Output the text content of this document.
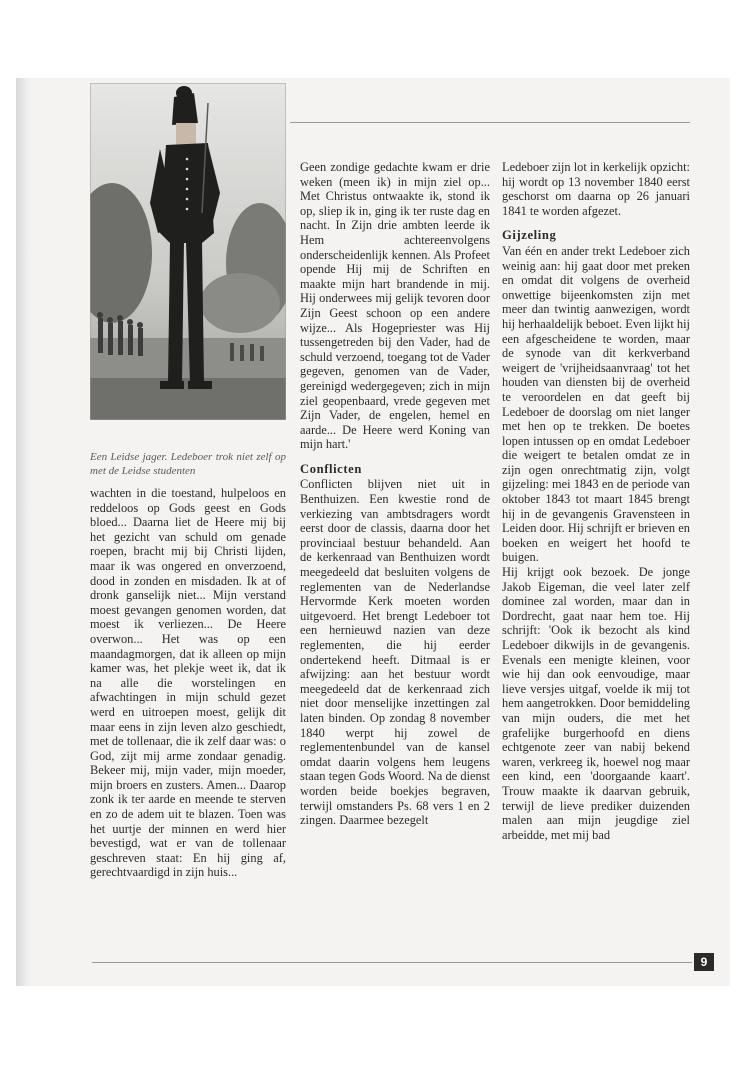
Een Leidse jager. Ledeboer trok niet zelf op met de Leidse studenten

wachten in die toestand, hulpeloos en reddeloos op Gods geest en Gods bloed... Daarna liet de Heere mij bij het gezicht van schuld om genade roepen, bracht mij bij Christi lijden, maar ik was ongered en onverzoend, dood in zonden en misdaden. Ik at of dronk ganselijk niet... Mijn verstand moest gevangen genomen worden, dat moest ik verliezen... De Heere overwon... Het was op een maandagmorgen, dat ik alleen op mijn kamer was, het plekje weet ik, dat ik na alle die worstelingen en afwachtingen in mijn schuld gezet werd en uitroepen moest, gelijk dit maar eens in zijn leven alzo geschiedt, met de tollenaar, die ik zelf daar was: o God, zijt mij arme zondaar genadig. Bekeer mij, mijn vader, mijn moeder, mijn broers en zusters. Amen... Daarop zonk ik ter aarde en meende te sterven en zo de adem uit te blazen. Toen was het uurtje der minnen en werd hier bevestigd, wat er van de tollenaar geschreven staat: En hij ging af, gerechtvaardigd in zijn huis...

Geen zondige gedachte kwam er drie weken (meen ik) in mijn ziel op... Met Christus ontwaakte ik, stond ik op, sliep ik in, ging ik ter ruste dag en nacht. In Zijn drie ambten leerde ik Hem achtereenvolgens onderscheidenlijk kennen. Als Profeet opende Hij mij de Schriften en maakte mijn hart brandende in mij. Hij onderwees mij gelijk tevoren door Zijn Geest schoon op een andere wijze... Als Hogepriester was Hij tussengetreden bij den Vader, had de schuld verzoend, toegang tot de Vader gegeven, genomen van de Vader, gereinigd wedergegeven; zich in mijn ziel geopenbaard, vrede gegeven met Zijn Vader, de engelen, hemel en aarde... De Heere werd Koning van mijn hart.'

Conflicten

Conflicten blijven niet uit in Benthuizen. Een kwestie rond de verkiezing van ambtsdragers wordt eerst door de classis, daarna door het provinciaal bestuur behandeld. Aan de kerkenraad van Benthuizen wordt meegedeeld dat besluiten volgens de reglementen van de Nederlandse Hervormde Kerk moeten worden uitgevoerd. Het brengt Ledeboer tot een hernieuwd nazien van deze reglementen, die hij eerder ondertekend heeft. Ditmaal is er afwijzing: aan het bestuur wordt meegedeeld dat de kerkenraad zich niet door menselijke inzettingen zal laten binden. Op zondag 8 november 1840 werpt hij zowel de reglementenbundel van de kansel omdat daarin volgens hem leugens staan tegen Gods Woord. Na de dienst worden beide boekjes begraven, terwijl omstanders Ps. 68 vers 1 en 2 zingen. Daarmee bezegelt

Ledeboer zijn lot in kerkelijk opzicht: hij wordt op 13 november 1840 eerst geschorst om daarna op 26 januari 1841 te worden afgezet.

Gijzeling

Van één en ander trekt Ledeboer zich weinig aan: hij gaat door met preken en omdat dit volgens de overheid onwettige bijeenkomsten zijn met meer dan twintig aanwezigen, wordt hij herhaaldelijk beboet. Even lijkt hij een afgescheidene te worden, maar de synode van dit kerkverband weigert de 'vrijheidsaanvraag' tot het houden van diensten bij de overheid te veroordelen en dat geeft bij Ledeboer de doorslag om niet langer met hen op te trekken. De boetes lopen intussen op en omdat Ledeboer die weigert te betalen omdat ze in zijn ogen onrechtmatig zijn, volgt gijzeling: mei 1843 en de periode van oktober 1843 tot maart 1845 brengt hij in de gevangenis Gravensteen in Leiden door. Hij schrijft er brieven en boeken en weigert het hoofd te buigen.

Hij krijgt ook bezoek. De jonge Jakob Eigeman, die veel later zelf dominee zal worden, maar dan in Dordrecht, gaat naar hem toe. Hij schrijft: 'Ook ik bezocht als kind Ledeboer dikwijls in de gevangenis. Evenals een menigte kleinen, voor wie hij dan ook eenvoudige, maar lieve versjes uitgaf, voelde ik mij tot hem aangetrokken. Door bemiddeling van mijn ouders, die met het grafelijke burgerhoofd en diens echtgenote zeer van nabij bekend waren, verkreeg ik, hoewel nog maar een kind, een 'doorgaande kaart'. Trouw maakte ik daarvan gebruik, terwijl de lieve prediker duizenden malen aan mijn jeugdige ziel arbeidde, met mij bad

9
